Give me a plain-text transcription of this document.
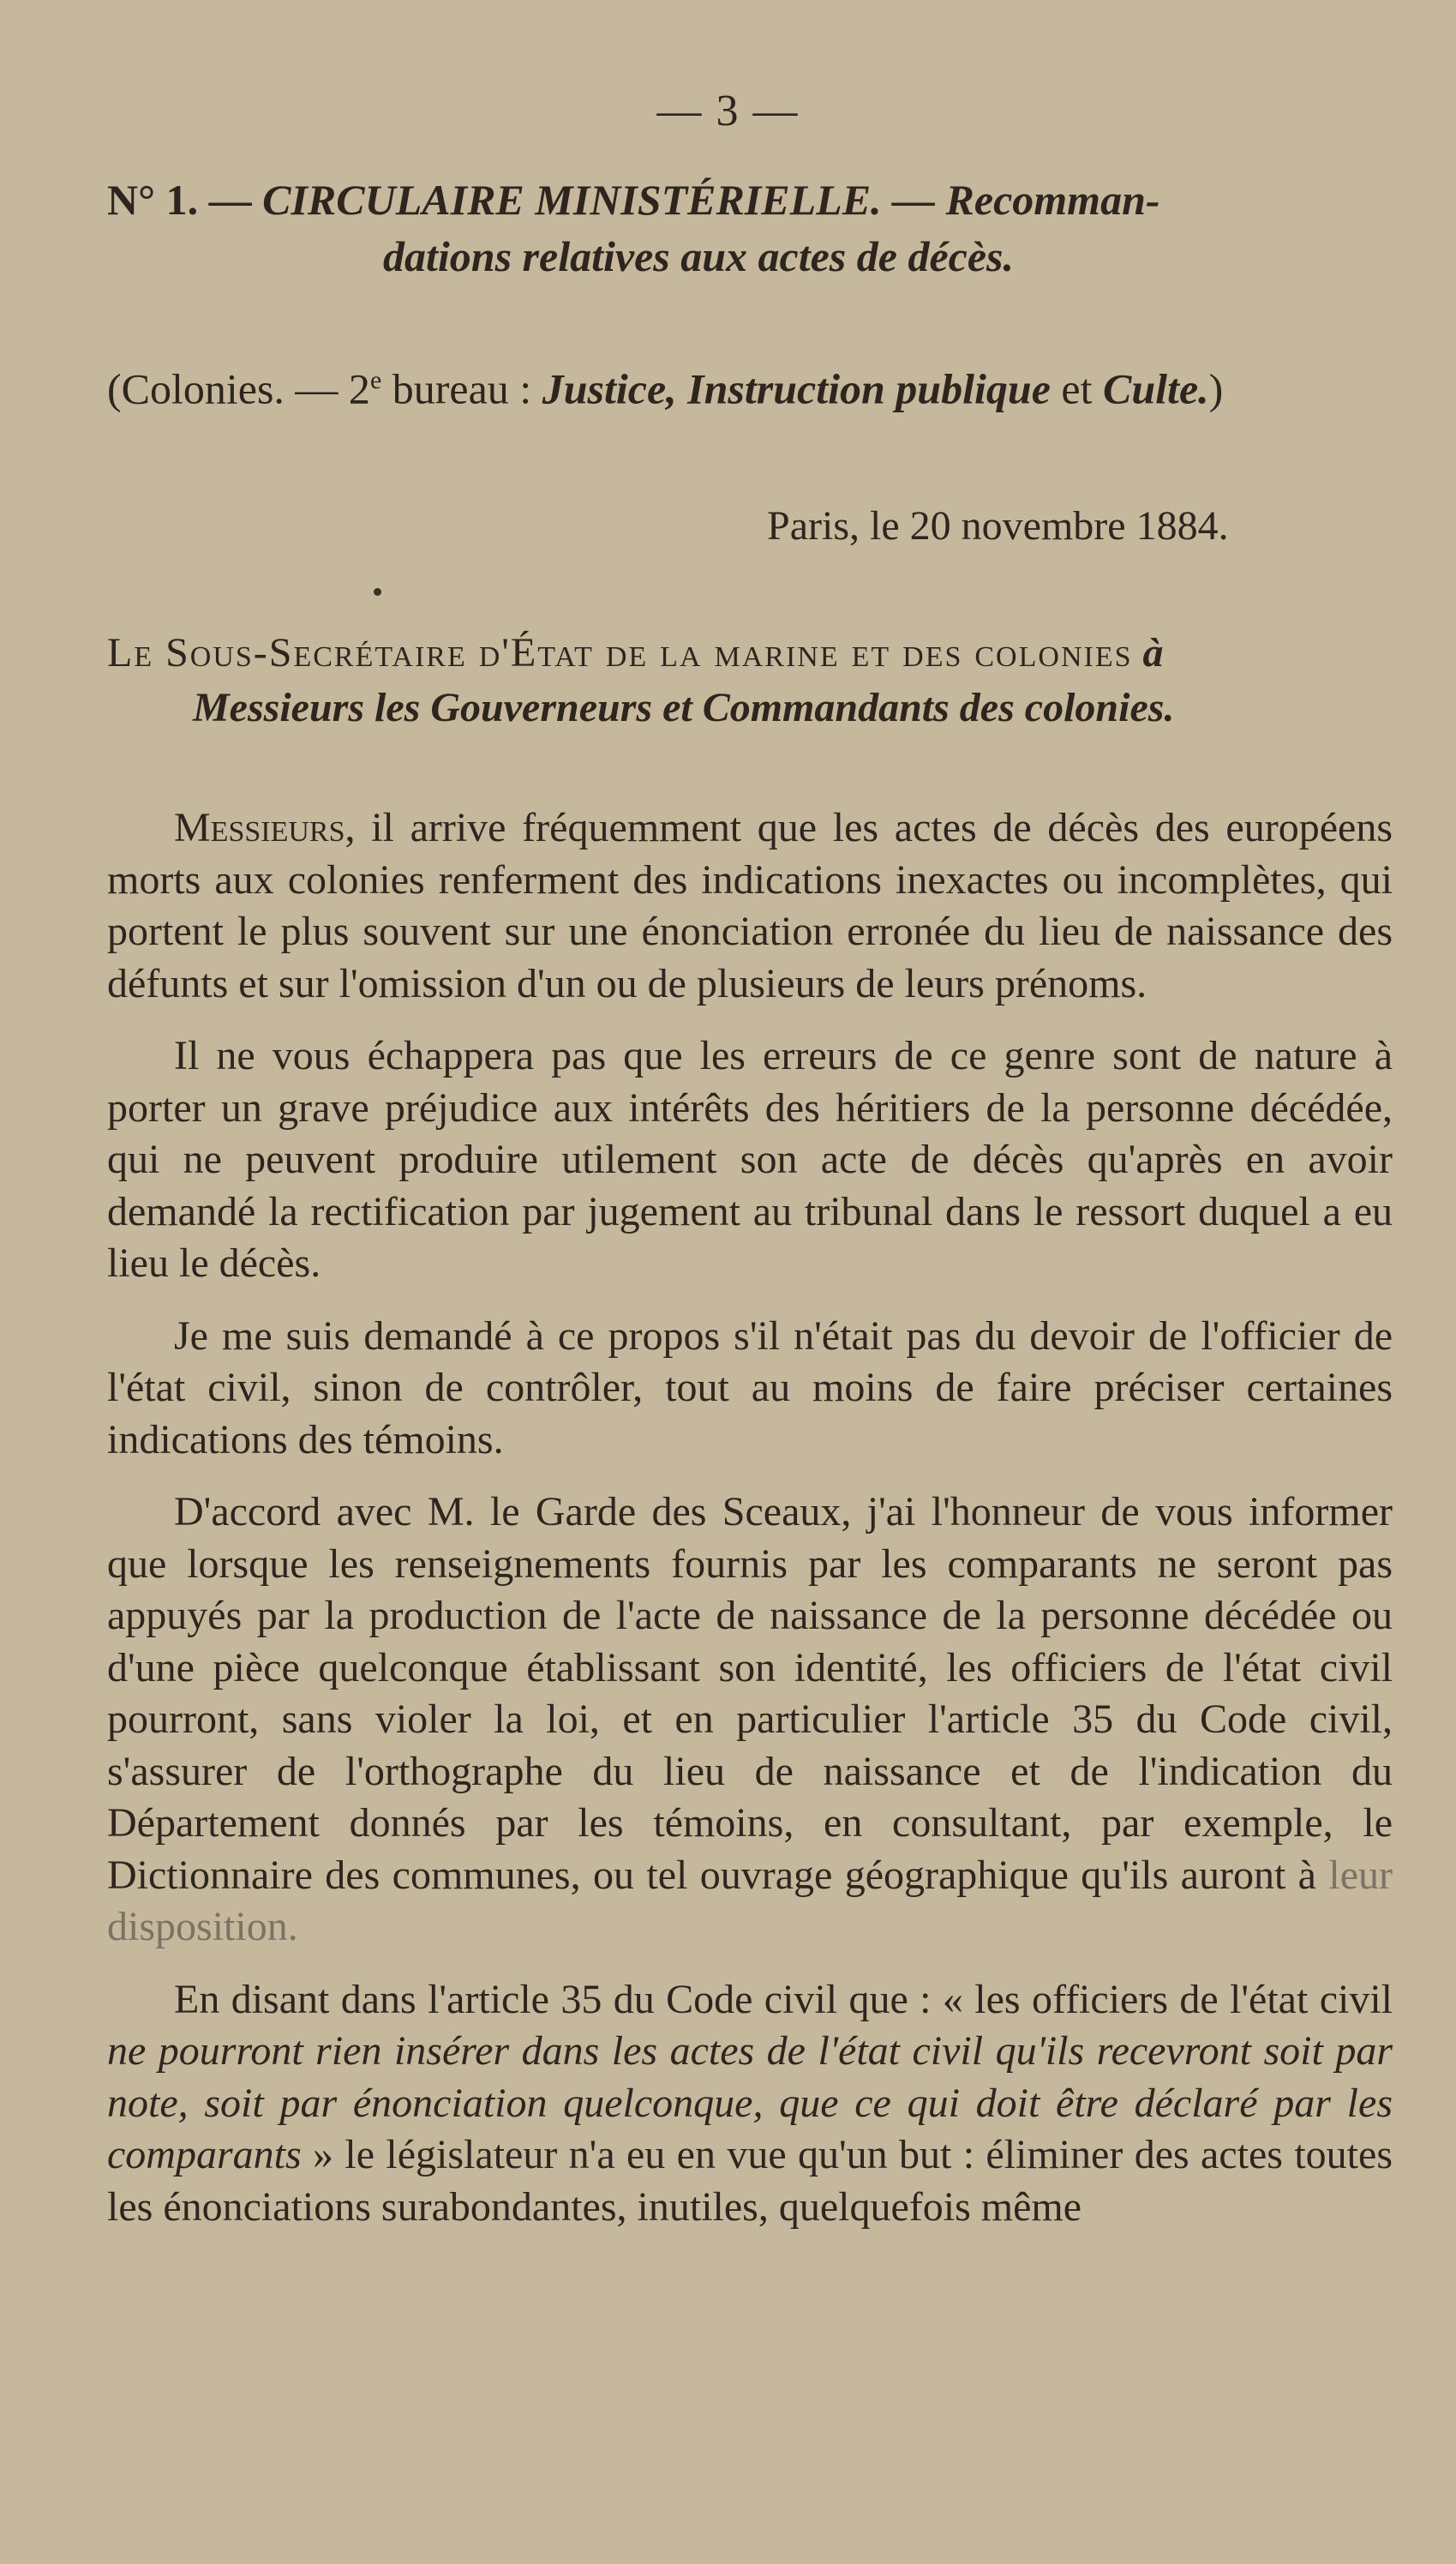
— 3 —
N° 1. — CIRCULAIRE MINISTÉRIELLE. — Recomman-
dations relatives aux actes de décès.
(Colonies. — 2e bureau : Justice, Instruction publique et Culte.)
Paris, le 20 novembre 1884.
Le Sous-Secrétaire d'État de la marine et des colonies à
Messieurs les Gouverneurs et Commandants des colonies.

Messieurs, il arrive fréquemment que les actes de décès des européens morts aux colonies renferment des indications inexactes ou incomplètes, qui portent le plus souvent sur une énonciation erronée du lieu de naissance des défunts et sur l'omission d'un ou de plusieurs de leurs prénoms.

Il ne vous échappera pas que les erreurs de ce genre sont de nature à porter un grave préjudice aux intérêts des héritiers de la personne décédée, qui ne peuvent produire utilement son acte de décès qu'après en avoir demandé la rectification par jugement au tribunal dans le ressort duquel a eu lieu le décès.

Je me suis demandé à ce propos s'il n'était pas du devoir de l'officier de l'état civil, sinon de contrôler, tout au moins de faire préciser certaines indications des témoins.

D'accord avec M. le Garde des Sceaux, j'ai l'honneur de vous informer que lorsque les renseignements fournis par les comparants ne seront pas appuyés par la production de l'acte de naissance de la personne décédée ou d'une pièce quelconque établissant son identité, les officiers de l'état civil pourront, sans violer la loi, et en particulier l'article 35 du Code civil, s'assurer de l'orthographe du lieu de naissance et de l'indication du Département donnés par les témoins, en consultant, par exemple, le Dictionnaire des communes, ou tel ouvrage géographique qu'ils auront à leur disposition.

En disant dans l'article 35 du Code civil que : « les officiers de l'état civil ne pourront rien insérer dans les actes de l'état civil qu'ils recevront soit par note, soit par énonciation quelconque, que ce qui doit être déclaré par les comparants » le législateur n'a eu en vue qu'un but : éliminer des actes toutes les énonciations surabondantes, inutiles, quelquefois même
